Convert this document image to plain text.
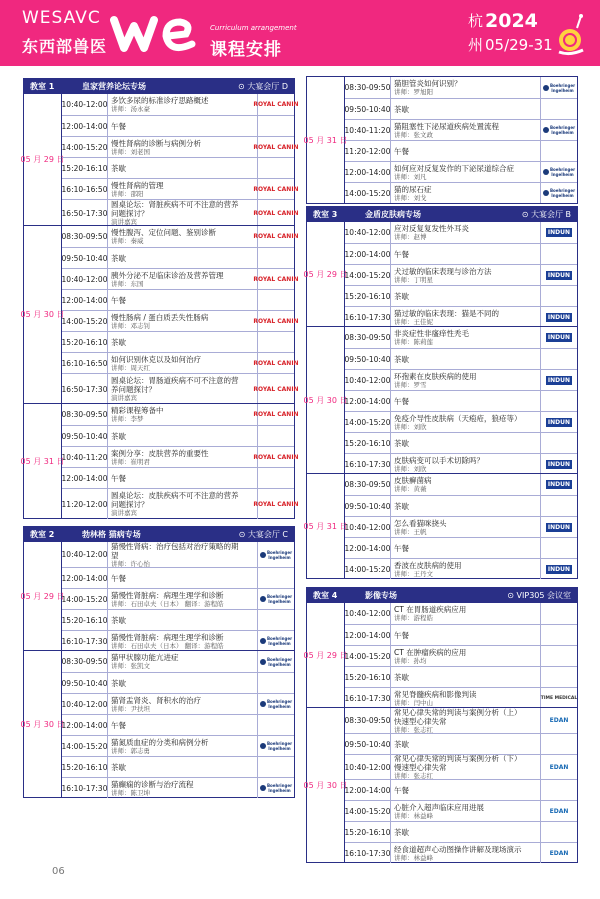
WESAVC
东西部兽医
Curriculum arrangement
课程安排
杭
州
2024
05/29-31
06
教室 1	皇家营养论坛专场	⊙ 大宴会厅 D
05 月 29 日
10:40-12:00 多饮多尿的标准诊疗思路概述
讲师：汤永豪
ROYAL CANIN
12:00-14:00 午餐
14:00-15:20 慢性肾病的诊断与病例分析
讲师：刘老国
ROYAL CANIN
15:20-16:10 茶歇
16:10-16:50 慢性肾病的管理
讲师：邵阳
ROYAL CANIN
16:50-17:30
圆桌论坛：肾脏疾病不可不注意的营养
问题探讨？
演讲嘉宾
ROYAL CANIN
05 月 30 日
08:30-09:50 慢性腹泻、定位问题、鉴别诊断
讲师：秦威
ROYAL CANIN
09:50-10:40 茶歇
10:40-12:00 胰外分泌不足临床诊治及营养管理
讲师：东国
ROYAL CANIN
12:00-14:00 午餐
14:00-15:20 慢性肠病 / 蛋白质丢失性肠病
讲师：邓志钊
ROYAL CANIN
15:20-16:10 茶歇
16:10-16:50 如何识别休克以及如何治疗
讲师：周天红
ROYAL CANIN
16:50-17:30
圆桌论坛：胃肠道疾病不可不注意的营
养问题探讨？
演讲嘉宾
ROYAL CANIN
05 月 31 日
08:30-09:50 精彩课程筹备中
讲师：李梦
ROYAL CANIN
09:50-10:40 茶歇
10:40-11:20 案例分享：皮肤营养的重要性
讲师：崔明君
ROYAL CANIN
12:00-14:00 午餐
11:20-12:00
圆桌论坛：皮肤疾病不可不注意的营养
问题探讨？
演讲嘉宾
ROYAL CANIN
教室 2	勃林格 猫病专场	⊙ 大宴会厅 C
05 月 29 日
10:40-12:00
猫慢性肾病：治疗包括对治疗策略的期
望
讲师：许心怡
Boehringer Ingelheim
12:00-14:00 午餐
14:00-15:20 猫慢性肾脏病：病理生理学和诊断
讲师：石田卓夫（日本） 翻译：游程皓
Boehringer Ingelheim
15:20-16:10 茶歇
16:10-17:30 猫慢性肾脏病：病理生理学和诊断
讲师：石田卓夫（日本） 翻译：游程皓
Boehringer Ingelheim
05 月 30 日
08:30-09:50 猫甲状腺功能亢进症
讲师：张凯文
Boehringer Ingelheim
09:50-10:40 茶歇
10:40-12:00 猫肾盂肾炎、肾积水的治疗
讲师：尹扶坦
Boehringer Ingelheim
12:00-14:00 午餐
14:00-15:20 猫氮质血症的分类和病例分析
讲师：郭志勇
Boehringer Ingelheim
15:20-16:10 茶歇
16:10-17:30 猫癫痫的诊断与治疗流程
讲师：陈卫坤
Boehringer Ingelheim
05 月 31 日
08:30-09:50 猫胆管炎如何识别？
讲师：罗旭阳
Boehringer Ingelheim
09:50-10:40 茶歇
10:40-11:20 猫阻塞性下泌尿道疾病处置流程
讲师：张文政
Boehringer Ingelheim
11:20-12:00 午餐
12:00-14:00 如何应对反复发作的下泌尿道综合症
讲师：刘凡
Boehringer Ingelheim
14:00-15:20 猫的尿石症
讲师：刘戈
Boehringer Ingelheim
教室 3	金盾皮肤病专场	⊙ 大宴会厅 B
05 月 29 日
10:40-12:00 应对反复复发性外耳炎
讲师：赵博
INDUN
12:00-14:00 午餐
14:00-15:20 犬过敏的临床表现与诊治方法
讲师：丁明星
INDUN
15:20-16:10 茶歇
16:10-17:30 猫过敏的临床表现：猫是不同的
讲师：王佳妮
INDUN
05 月 30 日
08:30-09:50 非炎症性非瘙痒性秃毛
讲师：陈莉莲
INDUN
09:50-10:40 茶歇
10:40-12:00 环孢素在皮肤疾病的使用
讲师：罗雪
INDUN
12:00-14:00 午餐
14:00-15:20 免疫介导性皮肤病（天疱疮，狼疮等）
讲师：刘欣
INDUN
15:20-16:10 茶歇
16:10-17:30 皮肤病变可以手术切除吗？
讲师：刘欣
INDUN
05 月 31 日
08:30-09:50 皮肤癣菌病
讲师：黄薇
INDUN
09:50-10:40 茶歇
10:40-12:00 怎么看猫咪挠头
讲师：王帆
INDUN
12:00-14:00 午餐
14:00-15:20 香波在皮肤病的使用
讲师：王丹文
INDUN
教室 4	影像专场	⊙ VIP305 会议室
05 月 29 日
10:40-12:00 CT 在胃肠道疾病应用
讲师：游程皓
12:00-14:00 午餐
14:00-15:20 CT 在肿瘤疾病的应用
讲师：孙均
15:20-16:10 茶歇
16:10-17:30 常见脊髓疾病和影像判读
讲师：闫中山
TIME MEDICAL
05 月 30 日
08:30-09:50
常见心律失常的判读与案例分析（上）
快速型心律失常
讲师：张志红
EDAN
09:50-10:40 茶歇
10:40-12:00
常见心律失常的判读与案例分析（下）
慢速型心律失常
讲师：张志红
EDAN
12:00-14:00 午餐
14:00-15:20 心脏介入超声临床应用进展
讲师：林益峰
EDAN
15:20-16:10 茶歇
16:10-17:30 经食道超声心动图操作讲解及现场演示
讲师：林益峰
EDAN
